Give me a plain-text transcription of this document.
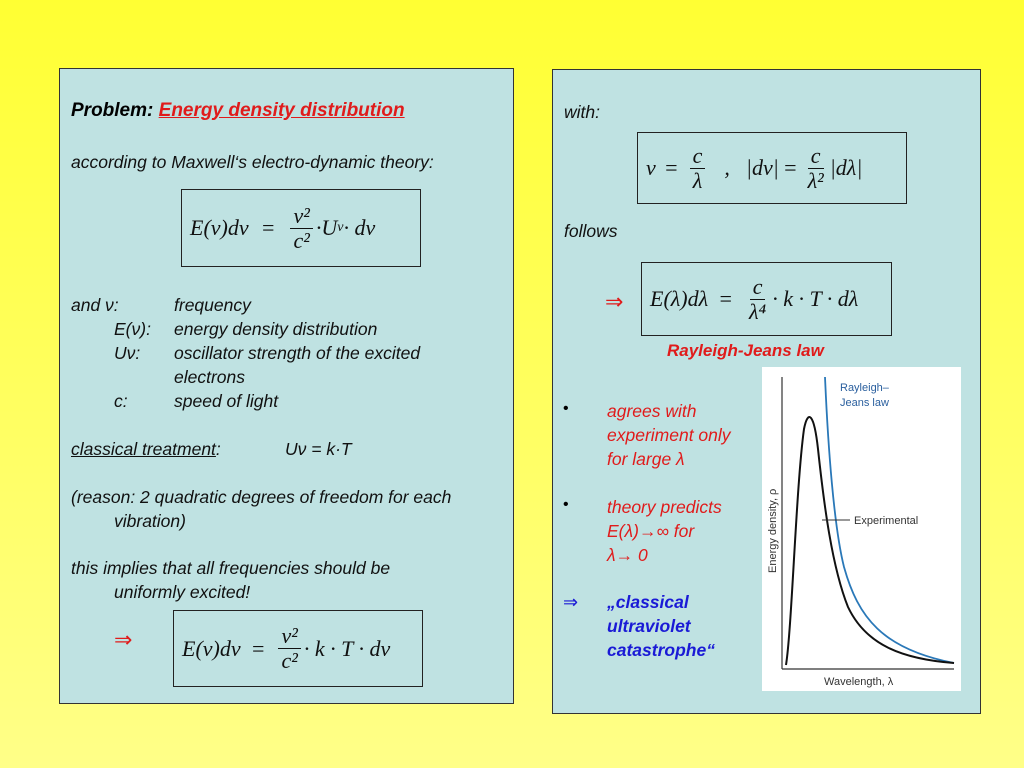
Problem: Energy density distribution
according to Maxwell‘s electro-dynamic theory:
$E(\nu)d\nu = \frac{\text{ν²}}{\text{c²}} \cdot U$ ν · dν
and ν:	frequency
E(ν): energy density distribution
Uν: oscillator strength of the excited
electrons
c:	speed of light
classical treatment:	Uν = k·T
(reason: 2 quadratic degrees of freedom for each
vibration)
this implies that all frequencies should be
uniformly excited!
⇒ $E(\nu)d\nu = \frac{\text{ν²}}{\text{c²}} \cdot k \cdot T \cdot d\nu$
with:
$\nu = \frac{c}{\lambda}$ , $|d\nu| = \frac{c}{\text{λ²}} |d\lambda|$
follows
⇒ $E(\lambda)d\lambda = \frac{c}{\text{λ⁴}} \cdot k \cdot T \cdot d\lambda$
Rayleigh-Jeans law
• agrees with
experiment only
for large λ
• theory predicts
E(λ)→∞ for
λ→ 0
⇒ „classical
ultraviolet
catastrophe“
Rayleigh–
Jeans law
Experimental
Energy density, ρ
Wavelength, λ
